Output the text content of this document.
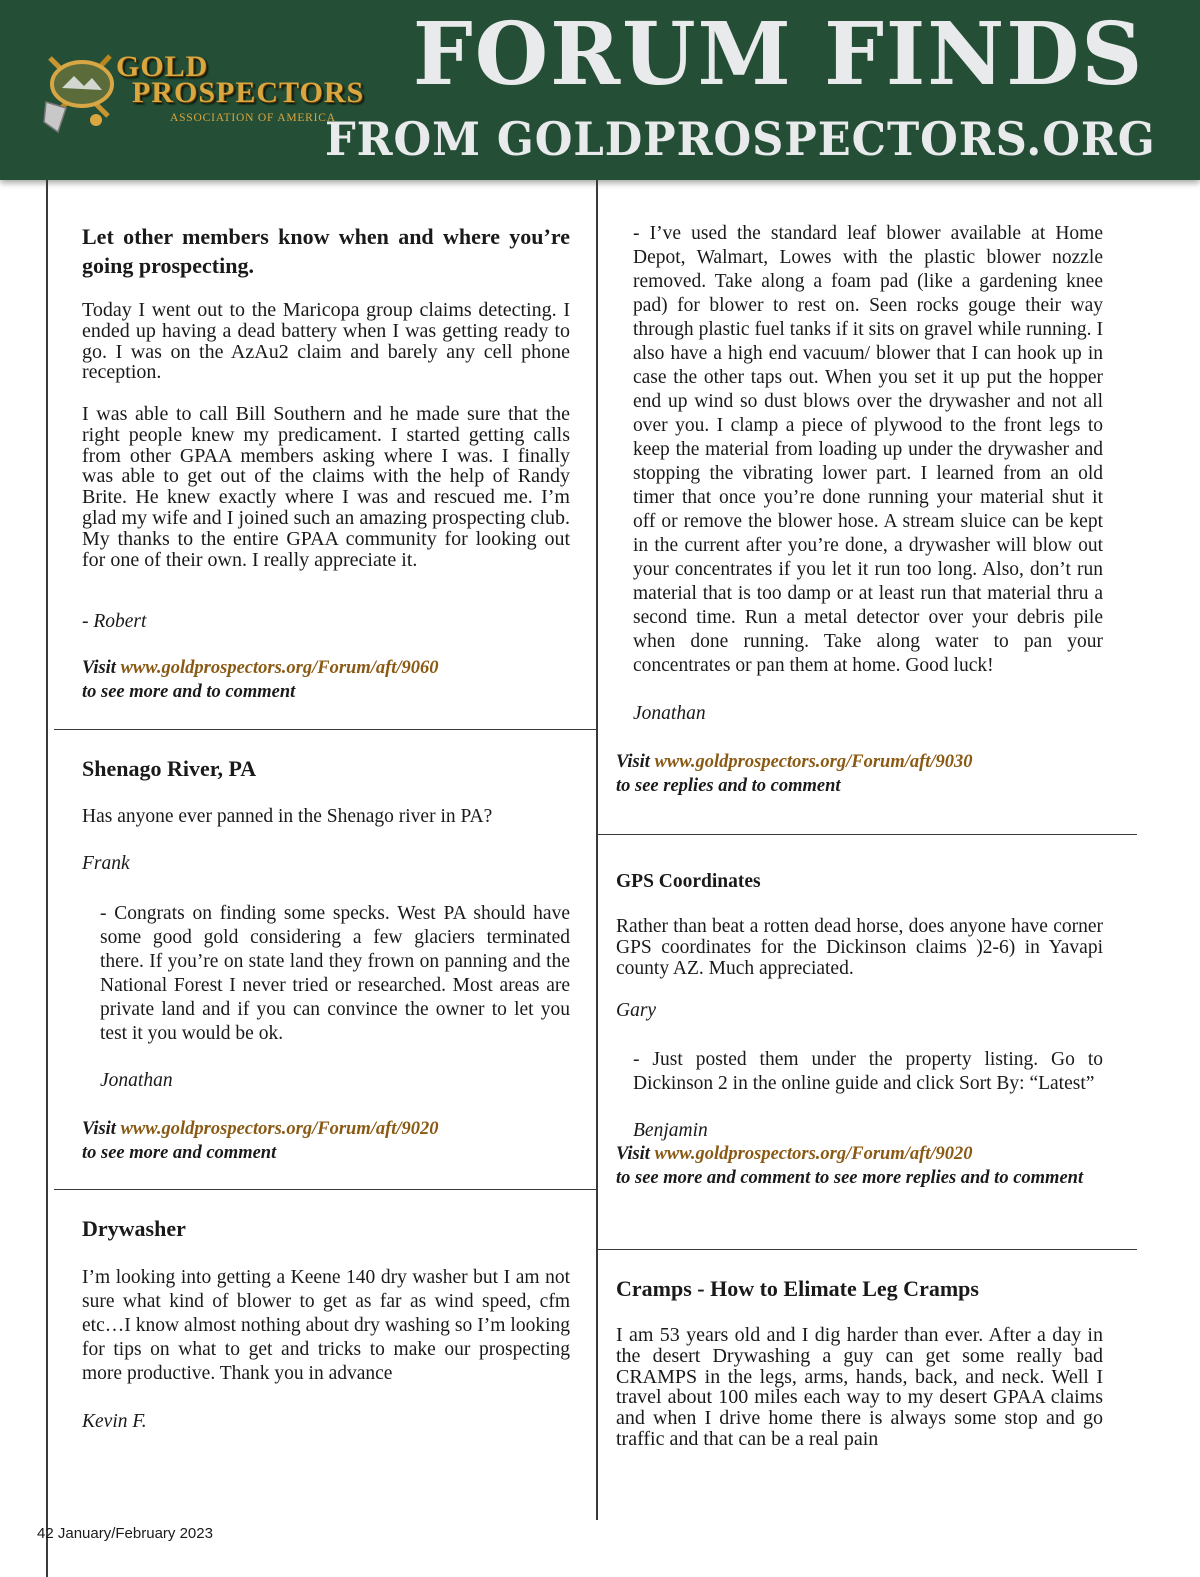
GOLD
PROSPECTORS
ASSOCIATION OF AMERICA
FORUM FINDS
FROM GOLDPROSPECTORS.ORG
Let other members know when and where you’re going prospecting.
Today I went out to the Maricopa group claims detecting. I ended up having a dead battery when I was getting ready to go. I was on the AzAu2 claim and barely any cell phone reception.
I was able to call Bill Southern and he made sure that the right people knew my predicament. I started getting calls from other GPAA members asking where I was. I finally was able to get out of the claims with the help of Randy Brite. He knew exactly where I was and rescued me. I’m glad my wife and I joined such an amazing prospecting club. My thanks to the entire GPAA community for looking out for one of their own. I really appreciate it.
- Robert
Visit www.goldprospectors.org/Forum/aft/9060
to see more and to comment
Shenago River, PA
Has anyone ever panned in the Shenago river in PA?
Frank
- Congrats on finding some specks. West PA should have some good gold considering a few glaciers terminated there. If you’re on state land they frown on panning and the National Forest I never tried or researched. Most areas are private land and if you can convince the owner to let you test it you would be ok.
Jonathan
Visit www.goldprospectors.org/Forum/aft/9020
to see more and comment
Drywasher
I’m looking into getting a Keene 140 dry washer but I am not sure what kind of blower to get as far as wind speed, cfm etc…I know almost nothing about dry washing so I’m looking for tips on what to get and tricks to make our prospecting more productive. Thank you in advance
Kevin F.
- I’ve used the standard leaf blower available at Home Depot, Walmart, Lowes with the plastic blower nozzle removed. Take along a foam pad (like a gardening knee pad) for blower to rest on. Seen rocks gouge their way through plastic fuel tanks if it sits on gravel while running. I also have a high end vacuum/ blower that I can hook up in case the other taps out. When you set it up put the hopper end up wind so dust blows over the drywasher and not all over you. I clamp a piece of plywood to the front legs to keep the material from loading up under the drywasher and stopping the vibrating lower part. I learned from an old timer that once you’re done running your material shut it off or remove the blower hose. A stream sluice can be kept in the current after you’re done, a drywasher will blow out your concentrates if you let it run too long. Also, don’t run material that is too damp or at least run that material thru a second time. Run a metal detector over your debris pile when done running. Take along water to pan your concentrates or pan them at home. Good luck!
Jonathan
Visit www.goldprospectors.org/Forum/aft/9030
to see replies and to comment
GPS Coordinates
Rather than beat a rotten dead horse, does anyone have corner GPS coordinates for the Dickinson claims )2-6) in Yavapi county AZ. Much appreciated.
Gary
- Just posted them under the property listing. Go to Dickinson 2 in the online guide and click Sort By: “Latest”
Benjamin
Visit www.goldprospectors.org/Forum/aft/9020
to see more and comment to see more replies and to comment
Cramps - How to Elimate Leg Cramps
I am 53 years old and I dig harder than ever. After a day in the desert Drywashing a guy can get some really bad CRAMPS in the legs, arms, hands, back, and neck. Well I travel about 100 miles each way to my desert GPAA claims and when I drive home there is always some stop and go traffic and that can be a real pain
42 January/February 2023
